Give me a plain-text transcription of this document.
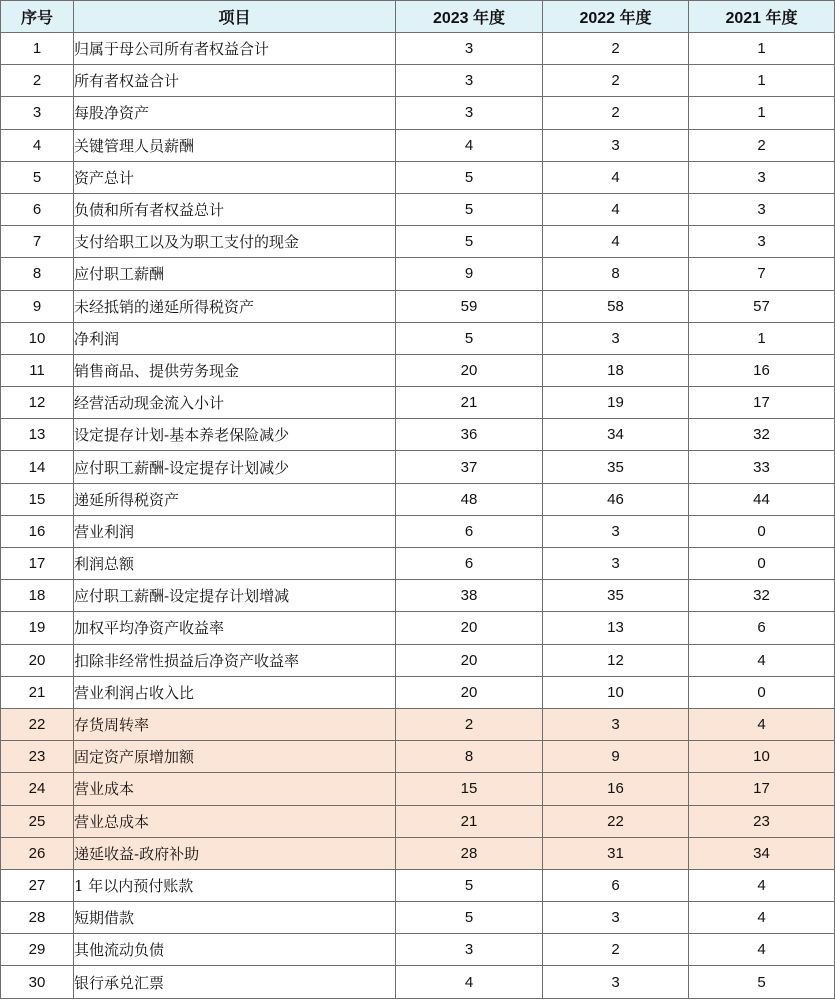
序号	项目	2023 年度	2022 年度	2021 年度
1	归属于母公司所有者权益合计	3	2	1
2	所有者权益合计	3	2	1
3	每股净资产	3	2	1
4	关键管理人员薪酬	4	3	2
5	资产总计	5	4	3
6	负债和所有者权益总计	5	4	3
7	支付给职工以及为职工支付的现金	5	4	3
8	应付职工薪酬	9	8	7
9	未经抵销的递延所得税资产	59	58	57
10	净利润	5	3	1
11	销售商品、提供劳务现金	20	18	16
12	经营活动现金流入小计	21	19	17
13	设定提存计划-基本养老保险减少	36	34	32
14	应付职工薪酬-设定提存计划减少	37	35	33
15	递延所得税资产	48	46	44
16	营业利润	6	3	0
17	利润总额	6	3	0
18	应付职工薪酬-设定提存计划增减	38	35	32
19	加权平均净资产收益率	20	13	6
20	扣除非经常性损益后净资产收益率	20	12	4
21	营业利润占收入比	20	10	0
22	存货周转率	2	3	4
23	固定资产原增加额	8	9	10
24	营业成本	15	16	17
25	营业总成本	21	22	23
26	递延收益-政府补助	28	31	34
27	1 年以内预付账款	5	6	4
28	短期借款	5	3	4
29	其他流动负债	3	2	4
30	银行承兑汇票	4	3	5
